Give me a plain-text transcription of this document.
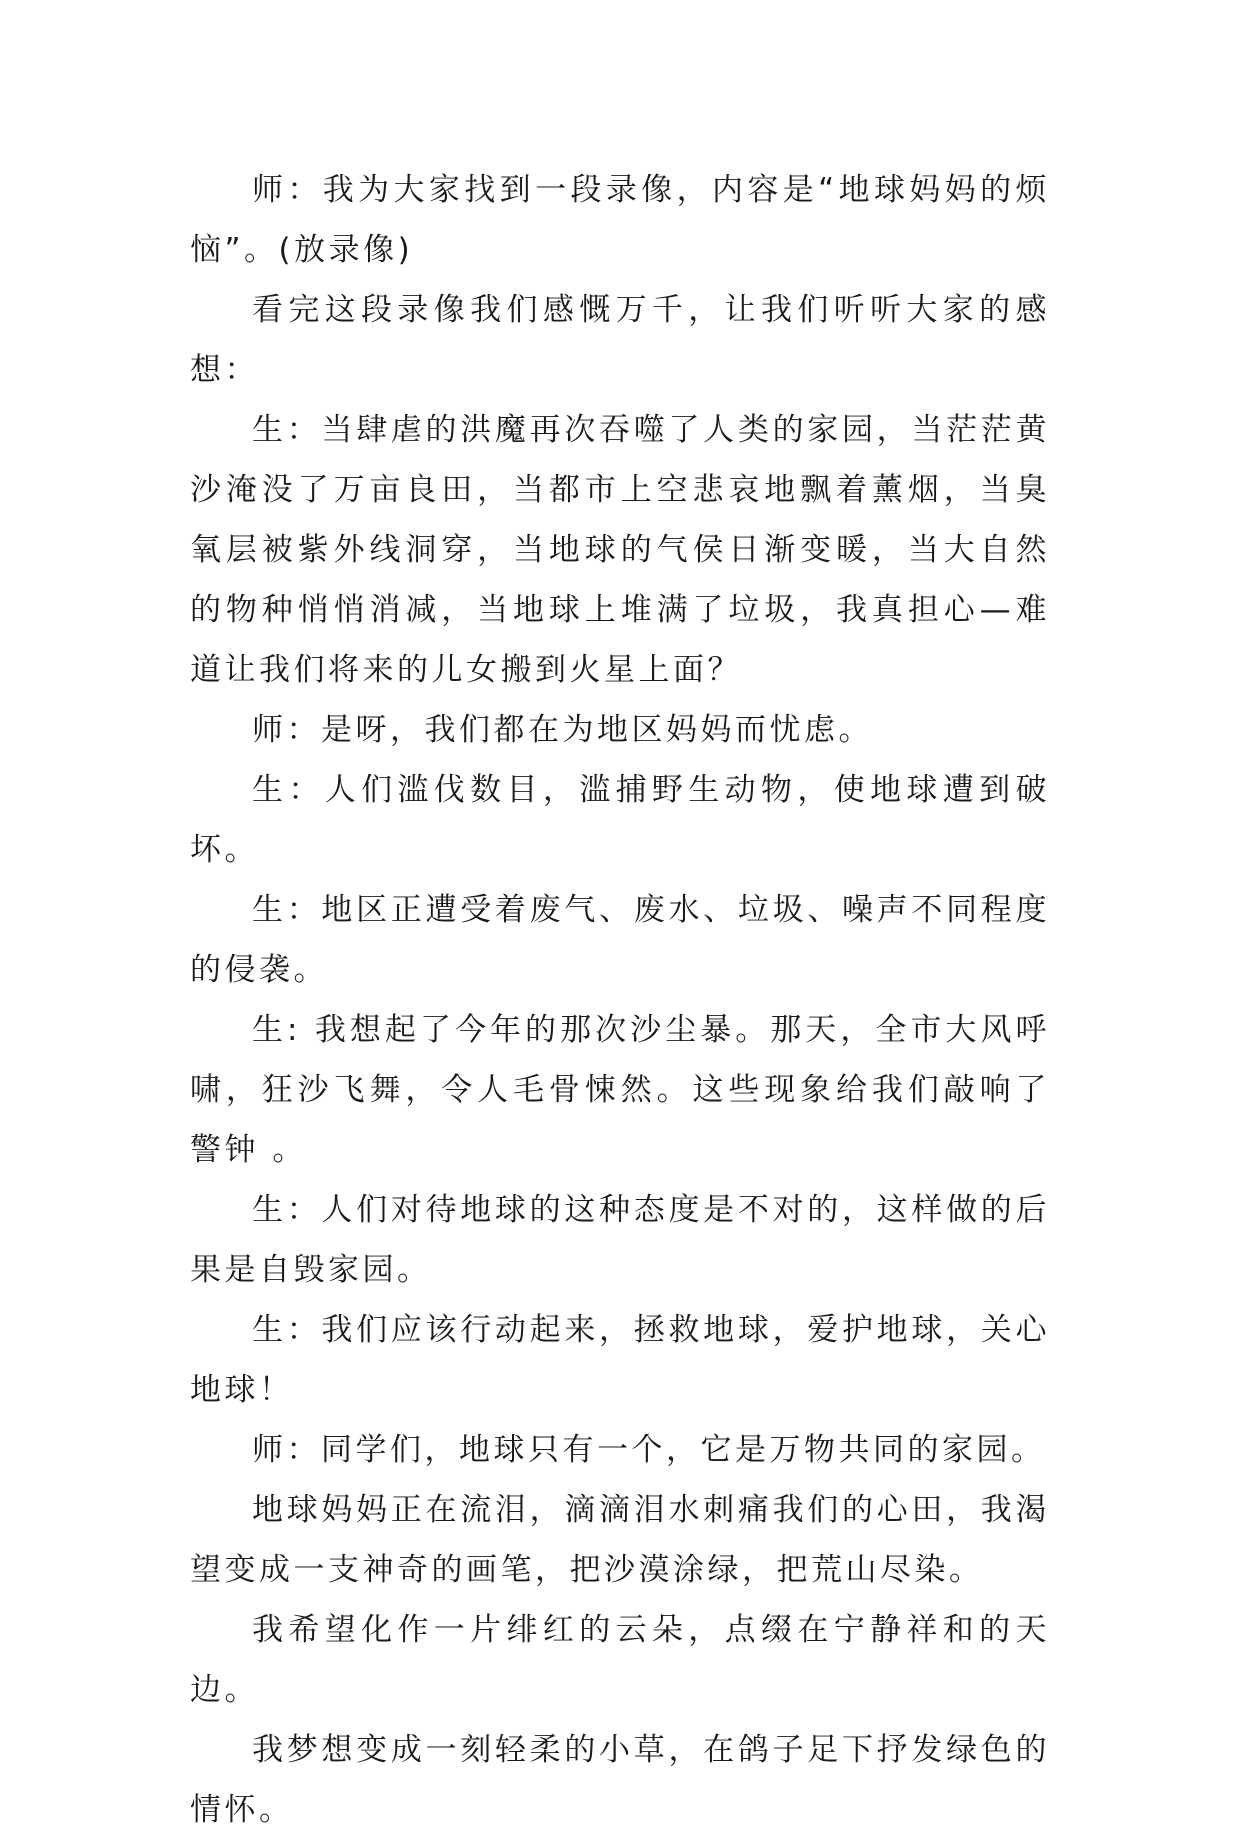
师：我为大家找到一段录像，内容是“地球妈妈的烦恼”。(放录像)

看完这段录像我们感慨万千，让我们听听大家的感想：

生：当肆虐的洪魔再次吞噬了人类的家园，当茫茫黄沙淹没了万亩良田，当都市上空悲哀地飘着薰烟，当臭氧层被紫外线洞穿，当地球的气侯日渐变暖，当大自然的物种悄悄消减，当地球上堆满了垃圾，我真担心—难道让我们将来的儿女搬到火星上面？

师：是呀，我们都在为地区妈妈而忧虑。

生：人们滥伐数目，滥捕野生动物，使地球遭到破坏。

生：地区正遭受着废气、废水、垃圾、噪声不同程度的侵袭。

生: 我想起了今年的那次沙尘暴。那天，全市大风呼啸，狂沙飞舞，令人毛骨悚然。这些现象给我们敲响了警钟 。

生：人们对待地球的这种态度是不对的，这样做的后果是自毁家园。

生：我们应该行动起来，拯救地球，爱护地球，关心地球！

师：同学们，地球只有一个，它是万物共同的家园。

地球妈妈正在流泪，滴滴泪水刺痛我们的心田，我渴望变成一支神奇的画笔，把沙漠涂绿，把荒山尽染。

我希望化作一片绯红的云朵，点缀在宁静祥和的天边。

我梦想变成一刻轻柔的小草，在鸽子足下抒发绿色的情怀。
